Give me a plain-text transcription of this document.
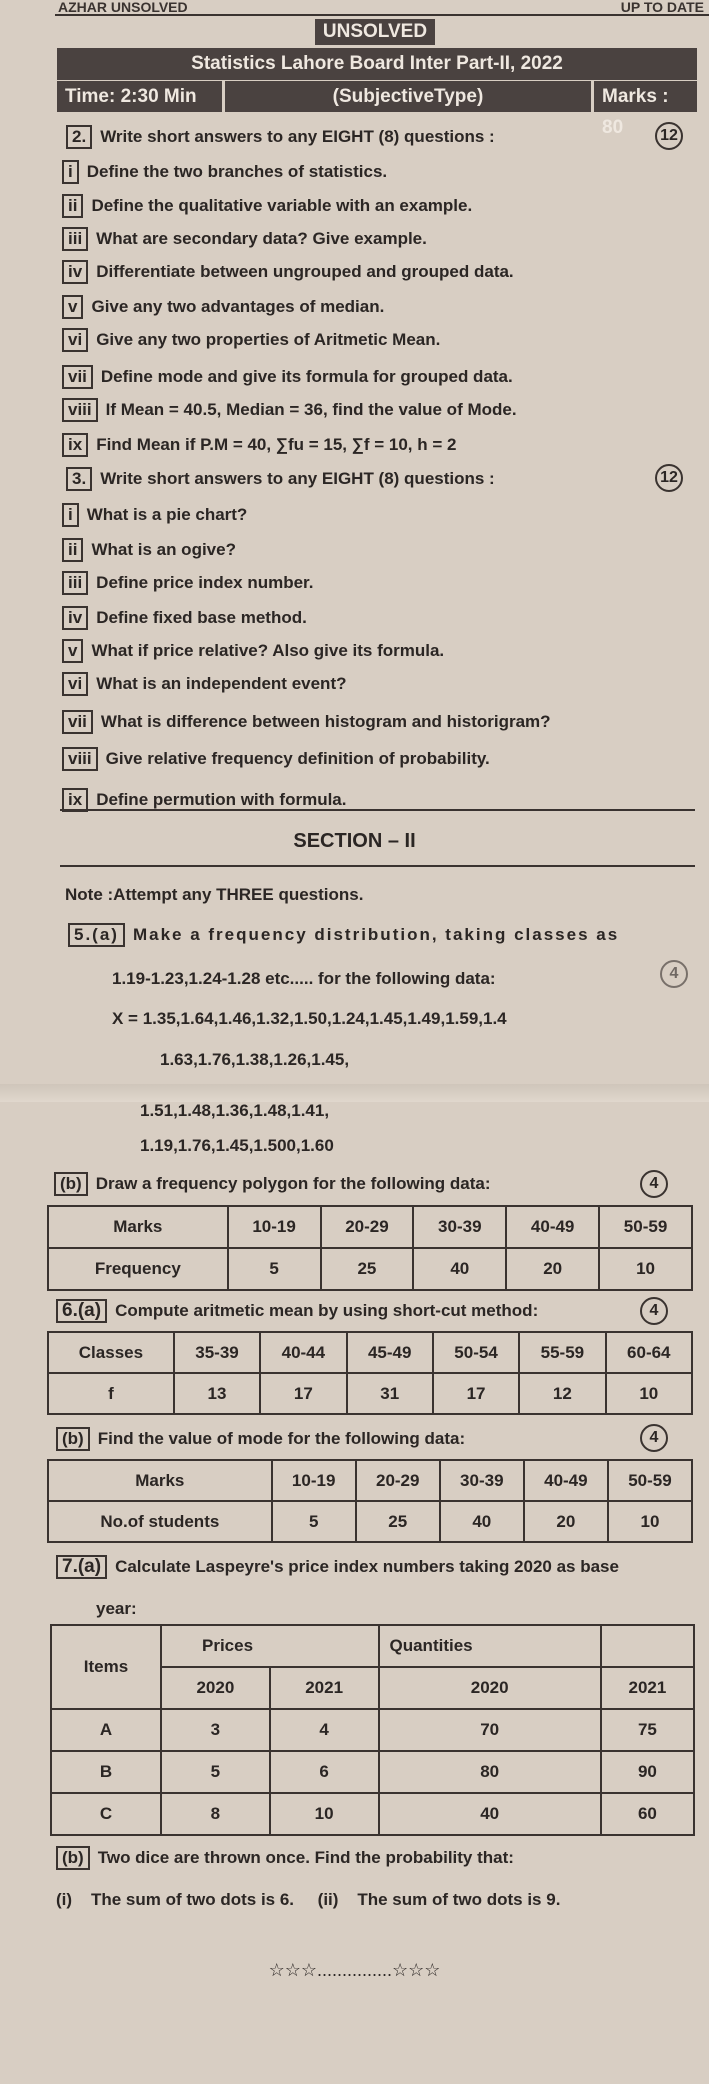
AZHAR UNSOLVED	UP TO DATE
UNSOLVED
Statistics Lahore Board Inter Part-II, 2022
Time: 2:30 Min	(SubjectiveType)	Marks : 80
2. Write short answers to any EIGHT (8) questions :	12
i Define the two branches of statistics.
ii Define the qualitative variable with an example.
iii What are secondary data? Give example.
iv Differentiate between ungrouped and grouped data.
v Give any two advantages of median.
vi Give any two properties of Aritmetic Mean.
vii Define mode and give its formula for grouped data.
viii If Mean = 40.5, Median = 36, find the value of Mode.
ix Find Mean if P.M = 40, ∑fu = 15, ∑f = 10, h = 2
3. Write short answers to any EIGHT (8) questions :	12
i What is a pie chart?
ii What is an ogive?
iii Define price index number.
iv Define fixed base method.
v What if price relative? Also give its formula.
vi What is an independent event?
vii What is difference between histogram and historigram?
viii Give relative frequency definition of probability.
ix Define permution with formula.
SECTION – II
Note :Attempt any THREE questions.
5.(a) Make a frequency distribution, taking classes as
4
1.19-1.23,1.24-1.28 etc..... for the following data:
X = 1.35,1.64,1.46,1.32,1.50,1.24,1.45,1.49,1.59,1.4
1.63,1.76,1.38,1.26,1.45,
1.51,1.48,1.36,1.48,1.41,
1.19,1.76,1.45,1.500,1.60
(b) Draw a frequency polygon for the following data:	4
Marks	10-19	20-29	30-39	40-49	50-59
Frequency	5	25	40	20	10
6.(a) Compute aritmetic mean by using short-cut method:	4
Classes	35-39	40-44	45-49	50-54	55-59	60-64
f	13	17	31	17	12	10
(b) Find the value of mode for the following data:	4
Marks	10-19	20-29	30-39	40-49	50-59
No.of students	5	25	40	20	10
7.(a) Calculate Laspeyre's price index numbers taking 2020 as base
year:
Items	Prices		Quantities	
	2020	2021	2020	2021
A	3	4	70	75
B	5	6	80	90
C	8	10	40	60
(b) Two dice are thrown once. Find the probability that:
(i) The sum of two dots is 6. (ii) The sum of two dots is 9.
☆☆☆...............☆☆☆
